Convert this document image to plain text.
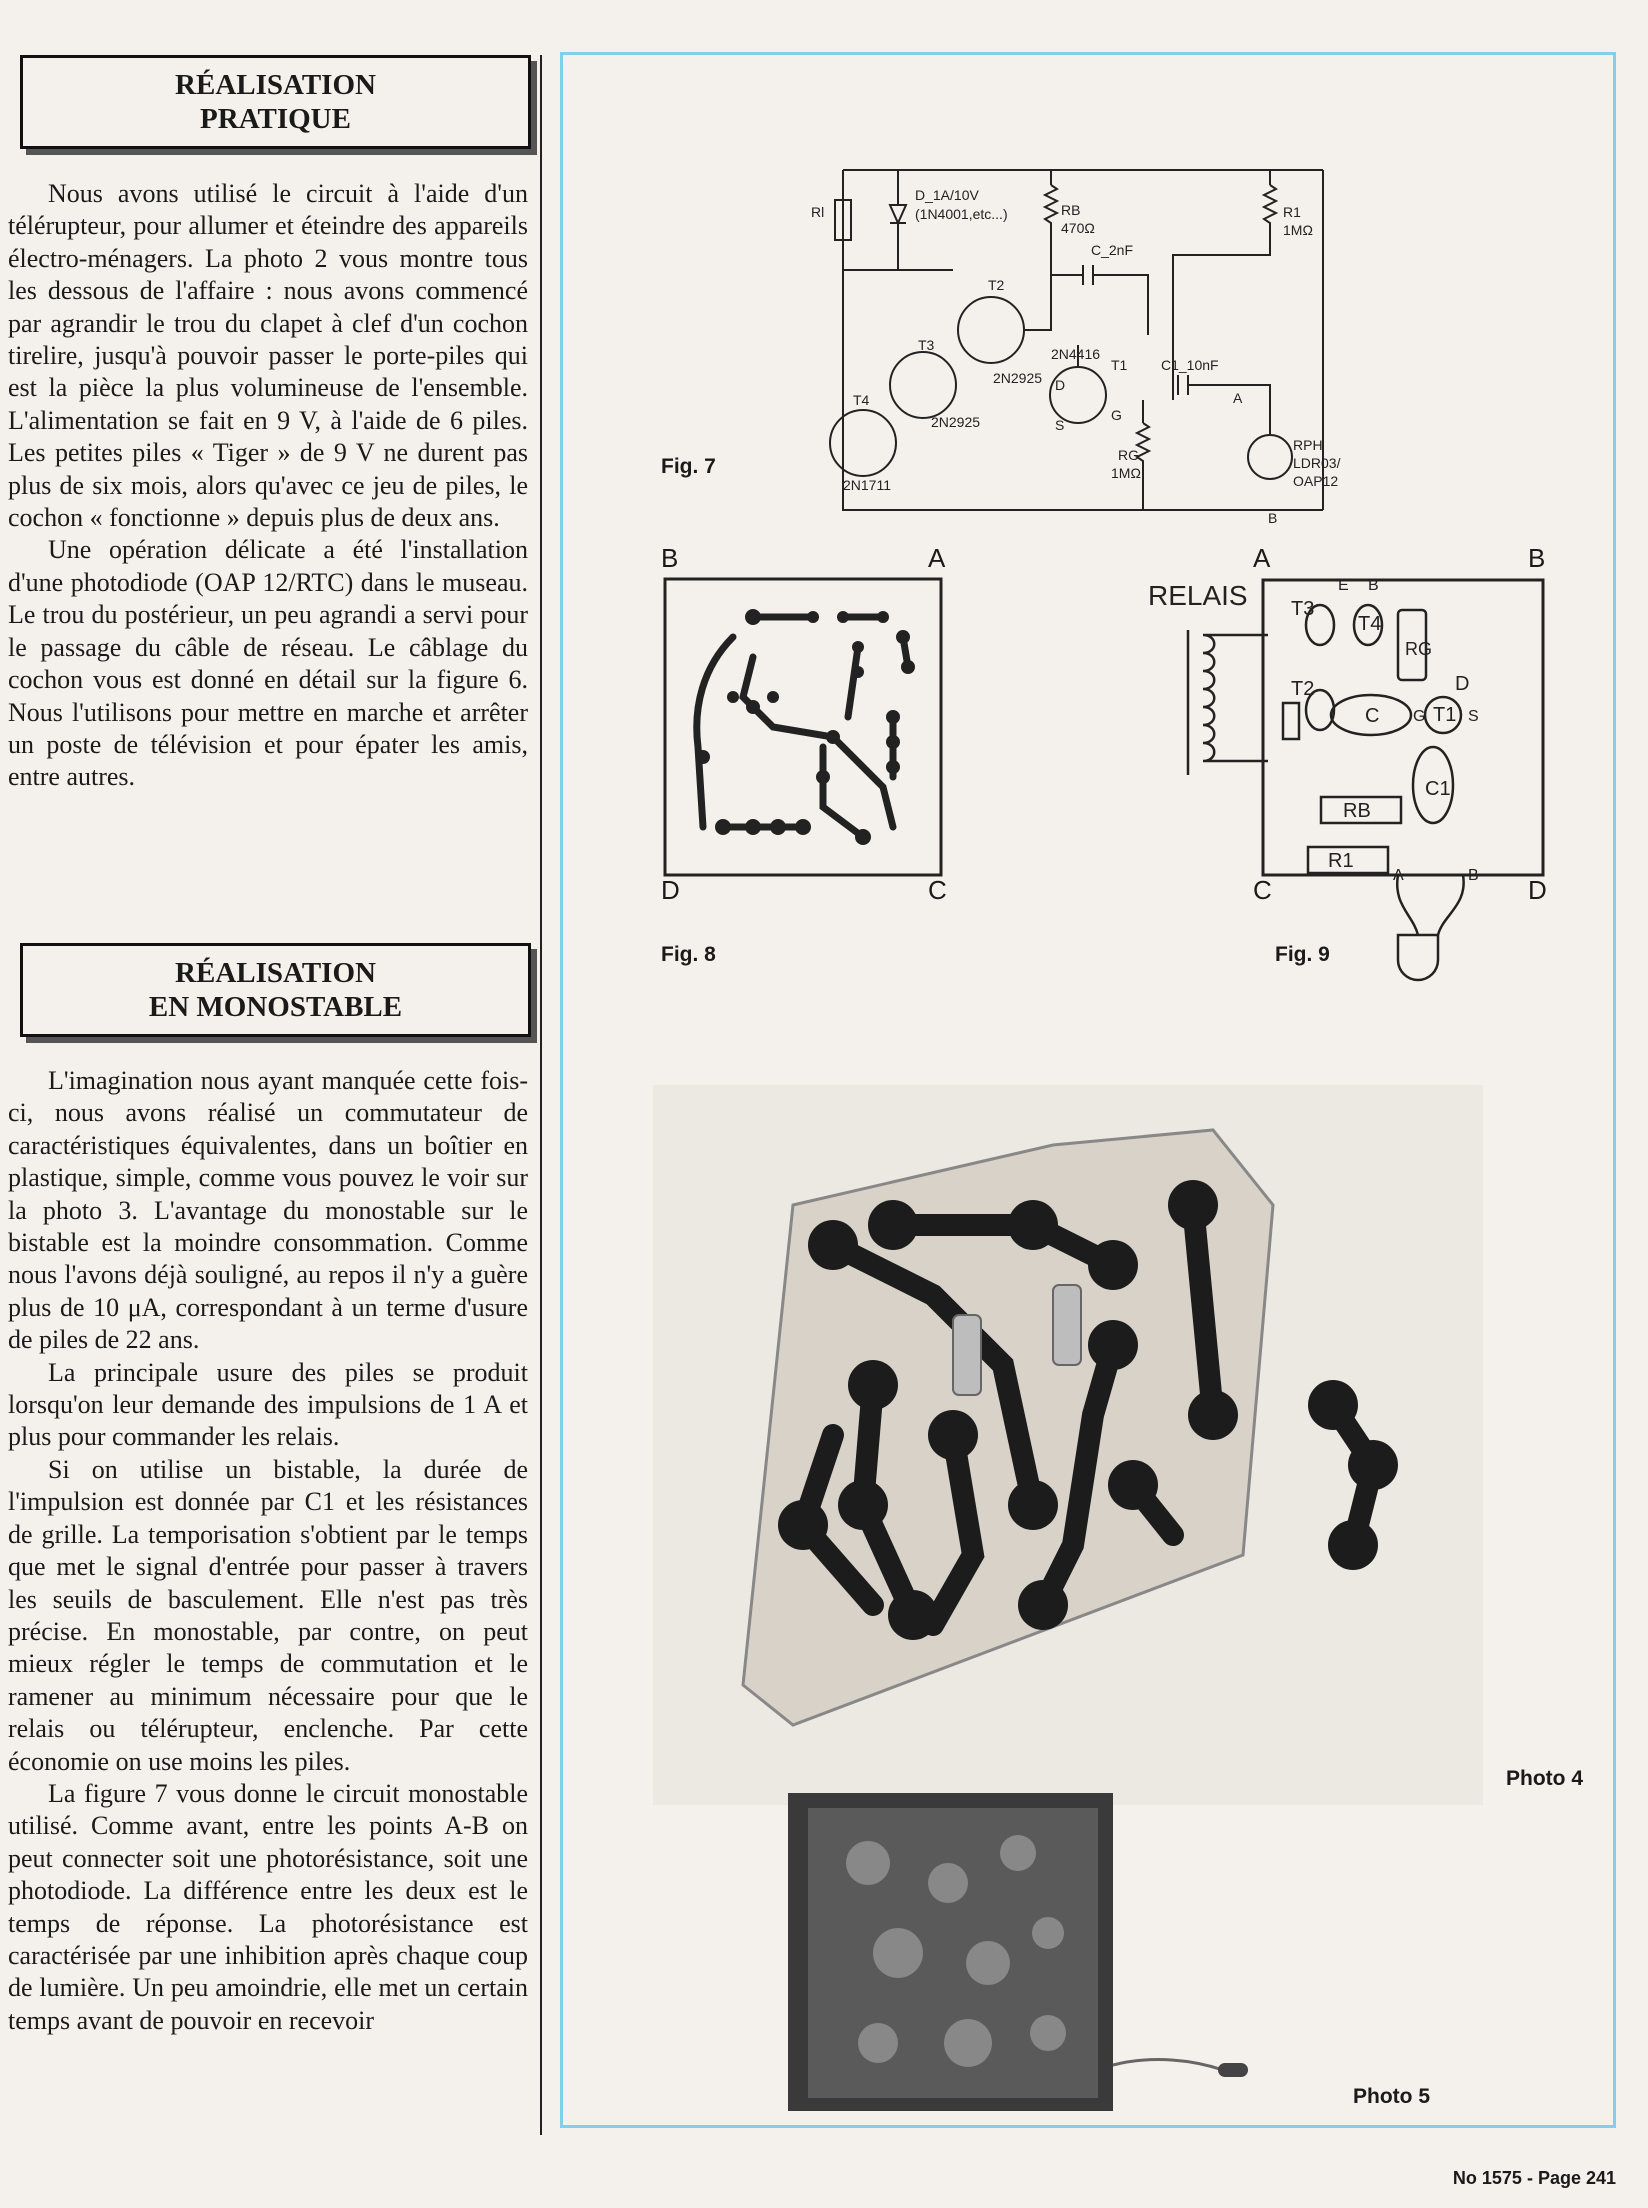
RÉALISATION
PRATIQUE

Nous avons utilisé le circuit à l'aide d'un télérupteur, pour allumer et éteindre des appareils électro-ménagers. La photo 2 vous montre tous les dessous de l'affaire : nous avons commencé par agrandir le trou du clapet à clef d'un cochon tirelire, jusqu'à pouvoir passer le porte-piles qui est la pièce la plus volumineuse de l'ensemble. L'alimentation se fait en 9 V, à l'aide de 6 piles. Les petites piles « Tiger » de 9 V ne durent pas plus de six mois, alors qu'avec ce jeu de piles, le cochon « fonctionne » depuis plus de deux ans.

Une opération délicate a été l'installation d'une photodiode (OAP 12/RTC) dans le museau. Le trou du postérieur, un peu agrandi a servi pour le passage du câble de réseau. Le câblage du cochon vous est donné en détail sur la figure 6. Nous l'utilisons pour mettre en marche et arrêter un poste de télévision et pour épater les amis, entre autres.

RÉALISATION
EN MONOSTABLE

L'imagination nous ayant manquée cette fois-ci, nous avons réalisé un commutateur de caractéristiques équivalentes, dans un boîtier en plastique, simple, comme vous pouvez le voir sur la photo 3. L'avantage du monostable sur le bistable est la moindre consommation. Comme nous l'avons déjà souligné, au repos il n'y a guère plus de 10 μA, correspondant à un terme d'usure de piles de 22 ans.

La principale usure des piles se produit lorsqu'on leur demande des impulsions de 1 A et plus pour commander les relais.

Si on utilise un bistable, la durée de l'impulsion est donnée par C1 et les résistances de grille. La temporisation s'obtient par le temps que met le signal d'entrée pour passer à travers les seuils de basculement. Elle n'est pas très précise. En monostable, par contre, on peut mieux régler le temps de commutation et le ramener au minimum nécessaire pour que le relais ou télérupteur, enclenche. Par cette économie on use moins les piles.

La figure 7 vous donne le circuit monostable utilisé. Comme avant, entre les points A-B on peut connecter soit une photorésistance, soit une photodiode. La différence entre les deux est le temps de réponse. La photorésistance est caractérisée par une inhibition après chaque coup de lumière. Un peu amoindrie, elle met un certain temps avant de pouvoir en recevoir

Rl
D_1A/10V
(1N4001,etc...)	RB
470Ω
C_2nF
R1
1MΩ
T2
T3
T4
2N2925
2N2925
2N1711
2N4416
T1
D
S
G
C1_10nF
A
B
RG
1MΩ
RPH
LDR03/
OAP12
Fig. 7
B	A
D	C
Fig. 8
A	B
C	D
RELAIS T3
T4
T2
T1
RG
RB
R1
C
C1
D
E B
G	S
A	B
Fig. 9
Photo 4
Photo 5
No 1575 - Page 241
